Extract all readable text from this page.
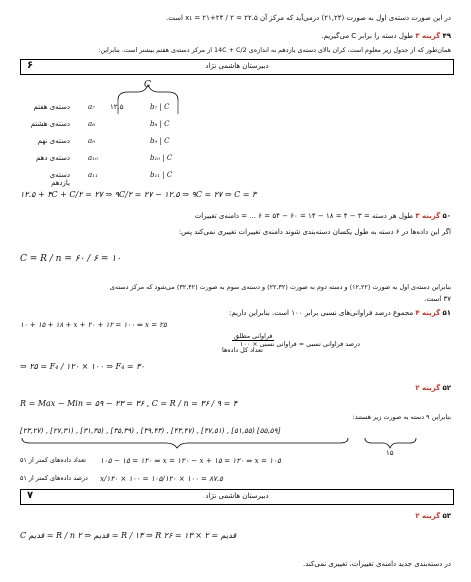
در این صورت دسته‌ی اول به صورت (۲۱,۲۴) درمی‌آید که مرکز آن x₁ = ۲۱+۲۴ / ۲ = ۲۲.۵ است.
۴۹ گزینه ۳ طول دسته را برابر C می‌گیریم.
همان‌طور که از جدول زیر معلوم است، کران بالای دسته‌ی یازدهم به اندازه‌ی 14C + C/2 از مرکز دسته‌ی هفتم بیشتر است. بنابراین:
دبیرستان هاشمی نژاد
۶
C
۱۲.۵
دسته‌ی هفتم	a₇	b₇ | C
دسته‌ی هشتم	a₈	b₈ | C
دسته‌ی نهم	a₉	b₉ | C
دسته‌ی دهم	a₁₀	b₁₀ | C
دسته‌ی یازدهم
a₁₁	b₁₁ | C
۱۲.۵ + ۴C + C/۲ = ۲۷ ⇒ ۹C/۲ = ۲۷ − ۱۲.۵ ⇒ ۹C = ۲۷ ⇒ C = ۳
۵۰ گزینه ۳ طول هر دسته = ۳ − ۴ = ۱۸ − ۱۴ = ۶۰ − ۵۴ = ۶ ... = دامنه‌ی تغییرات
اگر این داده‌ها در ۶ دسته به طول یکسان دسته‌بندی شوند دامنه‌ی تغییرات تغییری نمی‌کند پس:
C = R / n = ۶۰ / ۶ = ۱۰
بنابراین دسته‌ی اول به صورت (۱۲,۲۲) و دسته دوم به صورت (۲۲,۳۲) و دسته‌ی سوم به صورت (۳۲,۴۲) می‌شود که مرکز دسته‌ی
۳۷ است.
۵۱ گزینه ۴ مجموع درصد فراوانی‌های نسبی برابر ۱۰۰ است. بنابراین داریم:
۱۰ + ۱۵ + ۱۸ + x + ۲۰ + ۱۲ = ۱۰۰ ⇒ x = ۲۵
درصد فراوانی نسبی = فراوانی نسبی × ۱۰۰
فراوانی مطلق
تعداد کل داده‌ها
⇒ ۲۵ = F₄ / ۱۲۰ × ۱۰۰ ⇒ F₄ = ۳۰
۵۲ گزینه ۲
R = Max − Min = ۵۹ − ۲۳ = ۳۶ , C = R / n = ۳۶ / ۹ = ۴
بنابراین ۹ دسته به صورت زیر هستند:
[۲۳,۲۷) , [۲۷,۳۱) , [۳۱,۳۵) , [۳۵,۳۹) , [۳۹,۴۳) , [۴۳,۴۷) , [۴۷,۵۱) , [۵۱,۵۵) [۵۵,۵۹]
۱۵
۱۰۵ − ۱۵ = ۱۲۰ ⇒ x = ۱۲۰ − x + ۱۵ = ۱۲۰ ⇒ x = ۱۰۵
تعداد داده‌های کمتر از ۵۱
x/۱۲۰ × ۱۰۰ = ۱۰۵/۱۲۰ × ۱۰۰ = ۸۷.۵
درصد داده‌های کمتر از ۵۱
دبیرستان هاشمی نژاد
۷
۵۳ گزینه ۲
C قدیم = R / n قدیم ⇒ ۲ = R / ۱۳ ⇒ R قدیم = ۲ × ۱۳ = ۲۶
در دسته‌بندی جدید دامنه‌ی تغییرات، تغییری نمی‌کند.
